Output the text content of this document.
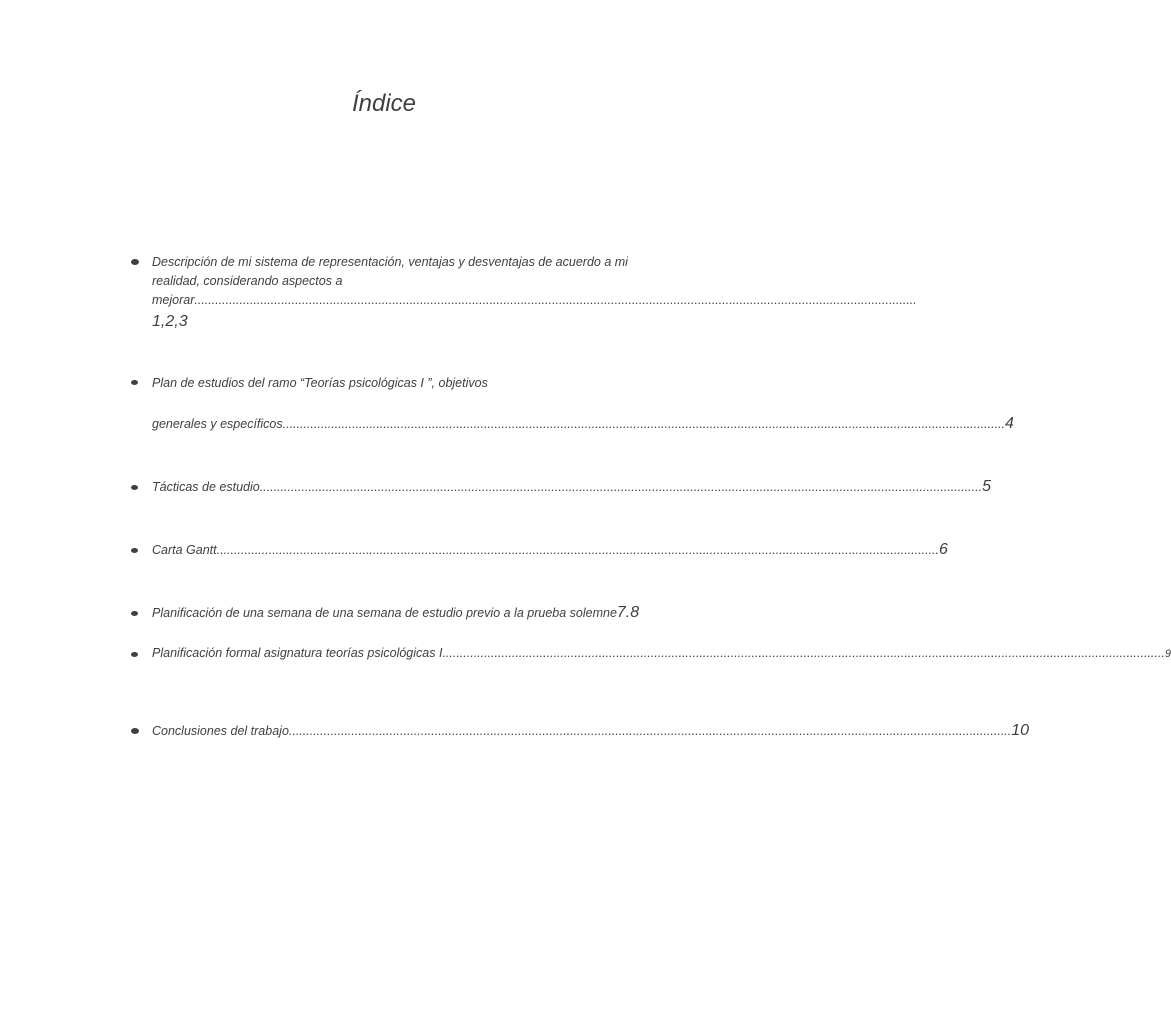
Índice
Descripción de mi sistema de representación, ventajas y desventajas de acuerdo a mi
realidad, considerando aspectos a
mejorar ................................................................................................................................................................................................................
1,2,3
Plan de estudios del ramo “Teorías psicológicas I ”, objetivos
generales y específicos ................................................................................................................................................................................................................ 4
Tácticas de estudio ................................................................................................................................................................................................................ 5
Carta Gantt ................................................................................................................................................................................................................ 6
Planificación de una semana de una semana de estudio previo a la prueba solemne 7.8
Planificación formal asignatura teorías psicológicas I ................................................................................................................................................................................................................ 9
Conclusiones del trabajo ................................................................................................................................................................................................................ 10
